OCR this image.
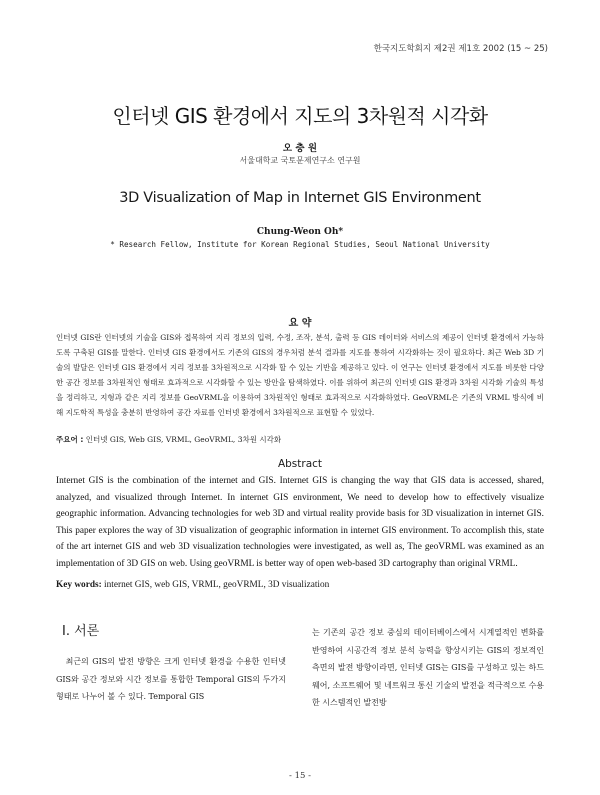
한국지도학회지 제2권 제1호 2002 (15 ~ 25)
인터넷 GIS 환경에서 지도의 3차원적 시각화
오 충 원
서울대학교 국토문제연구소 연구원
3D Visualization of Map in Internet GIS Environment
Chung-Weon Oh*
* Research Fellow, Institute for Korean Regional Studies, Seoul National University
요 약
인터넷 GIS란 인터넷의 기술을 GIS와 접목하여 지리 정보의 입력, 수정, 조작, 분석, 출력 등 GIS 데이터와 서비스의 제공이 인터넷 환경에서 가능하도록 구축된 GIS를 말한다. 인터넷 GIS 환경에서도 기존의 GIS의 경우처럼 분석 결과를 지도를 통하여 시각화하는 것이 필요하다. 최근 Web 3D 기술의 발달은 인터넷 GIS 환경에서 지리 정보를 3차원적으로 시각화 할 수 있는 기반을 제공하고 있다. 이 연구는 인터넷 환경에서 지도를 비롯한 다양한 공간 정보를 3차원적인 형태로 효과적으로 시각화할 수 있는 방안을 탐색하였다. 이를 위하여 최근의 인터넷 GIS 환경과 3차원 시각화 기술의 특성을 정리하고, 지형과 같은 지리 정보를 GeoVRML을 이용하여 3차원적인 형태로 효과적으로 시각화하였다. GeoVRML은 기존의 VRML 방식에 비해 지도학적 특성을 충분히 반영하여 공간 자료를 인터넷 환경에서 3차원적으로 표현할 수 있었다.
주요어 : 인터넷 GIS, Web GIS, VRML, GeoVRML, 3차원 시각화
Abstract
Internet GIS is the combination of the internet and GIS. Internet GIS is changing the way that GIS data is accessed, shared, analyzed, and visualized through Internet. In internet GIS environment, We need to develop how to effectively visualize geographic information. Advancing technologies for web 3D and virtual reality provide basis for 3D visualization in internet GIS. This paper explores the way of 3D visualization of geographic information in internet GIS environment. To accomplish this, state of the art internet GIS and web 3D visualization technologies were investigated, as well as, The geoVRML was examined as an implementation of 3D GIS on web. Using geoVRML is better way of open web-based 3D cartography than original VRML.
Key words: internet GIS, web GIS, VRML, geoVRML, 3D visualization
Ⅰ. 서론

최근의 GIS의 발전 방향은 크게 인터넷 환경을 수용한 인터넷 GIS와 공간 정보와 시간 정보를 통합한 Temporal GIS의 두가지 형태로 나누어 볼 수 있다. Temporal GIS

는 기존의 공간 정보 중심의 데이터베이스에서 시계열적인 변화를 반영하여 시공간적 정보 분석 능력을 향상시키는 GIS의 정보적인 측면의 발전 방향이라면, 인터넷 GIS는 GIS를 구성하고 있는 하드웨어, 소프트웨어 및 네트워크 통신 기술의 발전을 적극적으로 수용한 시스템적인 발전방

- 15 -
